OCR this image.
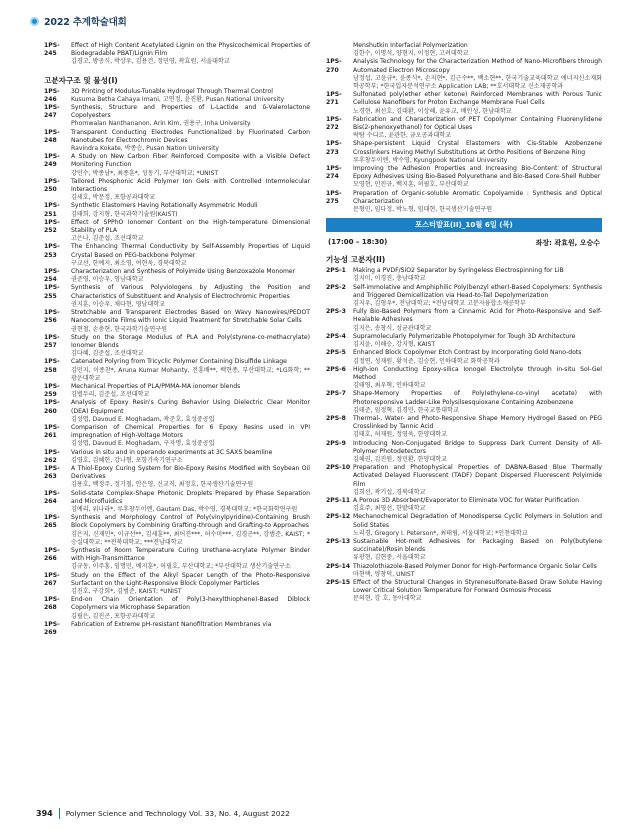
2022 추계학술대회
1PS-245
Effect of High Content Acetylated Lignin on the Physicochemical Properties of Biodegradable PBAT/Lignin Film
김경고, 방공식, 박상우, 김용건, 정민영, 곽효원, 서울대학교
고분자구조 및 물성(I)
1PS-246
3D Printing of Modulus-Tunable Hydrogel Through Thermal Control
Kusuma Betha Cahaya Imani, 고연정, 윤진환, Pusan National University
1PS-247
Synthesis, Structure and Properties of L-Lactide and δ-Valerolactone Copolyesters
Phornwalan Nanthananon, Arin Kim, 권용구, Inha University
1PS-248
Transparent Conducting Electrodes Functionalized by Fluorinated Carbon Nanotubes for Electrochromic Devices
Ravindra Kokate, 박종승, Pusan Nation University
1PS-249
A Study on New Carbon Fiber Reinforced Composite with a Visible Defect Monitoring Function
강민수, 박종남*, 최종훈*, 성동기, 부산대학교; *UNIST
1PS-250
Tailored Phosphonic Acid Polymer Ion Gels with Controlled Intermolecular Interactions
김세호, 박문정, 포항공과대학교
1PS-251
Synthetic Elastomers Having Rotationally Asymmetric Moduli
김태희, 강지형, 한국과학기술원(KAIST)
1PS-252
Effect of SPPhO Ionomer Content on the High-temperature Dimensional Stability of PLA
고은나, 김준섭, 조선대학교
1PS-253
The Enhancing Thermal Conductivity by Self-Assembly Properties of Liquid Crystal Based on PEG-backbone Polymer
구교선, 한예지, 최소영, 여현욱, 경북대학교
1PS-254
Characterization and Synthesis of Polyimide Using Benzoxazole Monomer
권준영, 이승우, 영남대학교
1PS-255
Synthesis of Various Polyviologens by Adjusting the Position and Characteristics of Substituent and Analysis of Electrochromic Properties
권지훈, 이승우, 채다현, 영남대학교
1PS-256
Stretchable and Transparent Electrodes Based on Wavy Nanowires/PEDOT Nanocomposite Films with Ionic Liquid Treatment for Stretchable Solar Cells
권현철, 손충현, 한국과학기술연구원
1PS-257
Study on the Storage Modulus of PLA and Poly(styrene-co-methacrylate) Ionomer Blends
김다혜, 김준섭, 조선대학교
1PS-258
Catenated Polyring from Tricyclic Polymer Containing Disulfide Linkage
김민지, 이종찬*, Aruna Kumar Mohanty, 전흥배**, 백현종, 부산대학교; *LG화학; **광운대학교
1PS-259
Mechanical Properties of PLA/PMMA-MA ionomer blends
김별두리, 김준섭, 조선대학교
1PS-260
Analysis of Epoxy Resin's Curing Behavior Using Dielectric Clear Monitor (DEA) Equipment
김성엽, Davoud E. Moghadam, 곽준호, 효성중공업
1PS-261
Comparison of Chemical Properties for 6 Epoxy Resins used in VPI impregnation of High-Voltage Motors
김성엽, Davoud E. Moghadam, 구자명, 효성중공업
1PS-262
Various in situ and in operando experiments at 3C SAXS beamline
김영호, 김혜헌, 강나형, 포항가속기연구소
1PS-263
A Thiol-Epoxy Curing System for Bio-Epoxy Resins Modified with Soybean Oil Derivatives
김용호, 백정주, 정기철, 안은영, 신교직, 최정호, 한국생산기술연구원
1PS-264
Solid-state Complex-Shape Photonic Droplets Prepared by Phase Separation and Microfluidics
김예리, 위나라*, 루후창두이엔, Gautam Das, 박수영, 경북대학교; *한국화학연구원
1PS-265
Synthesis and Morphology Control of Poly(vinylpyridine)-Containing Brush Block Copolymers by Combining Grafting-through and Grafting-to Approaches
김은지, 신재민*, 이규선**, 김세훈**, 최어진***, 허수미***, 김경곤**, 강범준, KAIST; *승실대학교; **전북대학교; ***전남대학교
1PS-266
Synthesis of Room Temperature Curing Urethane-acrylate Polymer Binder with High-Transmittance
김규동, 이주홍, 임명민, 배지훈*, 허필호, 부산대학교; *부산대학교 생산기술연구소
1PS-267
Study on the Effect of the Alkyl Spacer Length of the Photo-Responsive Surfactant on the Light-Responsive Block Copolymer Particles
김진호, 구강희*, 김범준, KAIST; *UNIST
1PS-268
End-on Chain Orientation of Poly(3-hexylthiophene)-Based Diblock Copolymers via Microphase Separation
김필은, 김진곤, 포항공과대학교
1PS-269
Fabrication of Extreme pH-resistant Nanofiltration Membranes via
Menshutkin Interfacial Polymerization
김한수, 이명석, 양현지, 이정현, 고려대학교
1PS-270
Analysis Technology for the Characterization Method of Nano-Microfibers through Automated Electron Microscopy
남정섭, 고윤규*, 윤종식*, 손지현*, 김근수**, 백소현**, 한국기술교육대학교 에너지신소재화학공학부; *한국입자분석연구소 Application LAB; **호서대학교 신소재공학과
1PS-271
Sulfonated poly(ether ether ketone) Reinforced Membranes with Porous Tunic Cellulose Nanofibers for Proton Exchange Membrane Fuel Cells
노경현, 최선호, 김대환, 이상혜, 윤유교, 배인성, 한남대학교
1PS-272
Fabrication and Characterization of PET Copolymer Containing Fluorenylidene Bis(2-phenoxyethanol) for Optical Uses
락탐 수디르, 윤관한, 금오공과대학교
1PS-273
Shape-persistent Liquid Crystal Elastomers with Cis-Stable Azobenzene Crosslinkers Having Methyl Substitutions at Ortho Positions of Benzene Ring
루후창두이엔, 박수영, Kyungpook National University
1PS-274
Improving the Adhesion Properties and Increasing Bio-Content of Structural Epoxy Adhesives Using Bio-Based Polyurethane and Bio-Based Core-Shell Rubber
모영현, 민진규, 백지훈, 허필호, 부산대학교
1PS-275
Preparation of Organic-soluble Aromatic Copolyamide : Synthesis and Optical Characterization
문형민, 임다정, 박노형, 임대현, 한국생산기술연구원
포스터발표(II)_10월 6일 (목)
(17:00 – 18:30)	좌장: 곽효원, 오승수
기능성 고분자(II)
2PS-1	Making a PVDF/SiO2 Separator by Syringeless Electrospinning for LiB
김지미, 이경진, 충남대학교
2PS-2	Self-immolative and Amphiphilic Poly(benzyl ether)-Based Copolymers: Synthesis and Triggered Demicellization via Head-to-Tail Depolymerization
김지우, 김형우*, 전남대학교; *전남대학교 고분자융합소재공학부
2PS-3	Fully Bio-Based Polymers from a Cinnamic Acid for Photo-Responsive and Self-Healable Adhesives
김지은, 송창식, 성균관대학교
2PS-4	Supramolecularly Polymerizable Photopolymer for Tough 3D Architecture
김지윤, 이해승, 강지형, KAIST
2PS-5	Enhanced Block Copolymer Etch Contrast by Incorporating Gold Nano-dots
김정연, 성재원, 황석준, 김승현, 인하대학교 화학공학과
2PS-6	High-ion Conducting Epoxy-silica Ionogel Electrolyte through in-situ Sol-Gel Method
김태영, 최우혁, 인하대학교
2PS-7	Shape-Memory Properties of Poly(ethylene-co-vinyl acetate) with Photoresponsive Ladder-Like Polysilsesquioxane Containing Azobenzene
김태준, 임정혁, 김경민, 한국교통대학교
2PS-8	Thermal-, Water- and Photo-Responsive Shape Memory Hydrogel Based on PEG Crosslinked by Tannic Acid
김태호, 허재원, 정영욱, 한양대학교
2PS-9	Introducing Non-Conjugated Bridge to Suppress Dark Current Density of All-Polymer Photodetectors
김해권, 김진원, 정민환, 한양대학교
2PS-10 Preparation and Photophysical Properties of DABNA-Based Blue Thermally Activated Delayed Fluorescent (TADF) Dopant Dispersed Fluorescent Polyimide Film
김희선, 곽기섭, 경북대학교
2PS-11 A Porous 3D Absorbent/Evaporator to Eliminate VOC for Water Purification
김효주, 최영선, 한밭대학교
2PS-12 Mechanochemical Degradation of Monodisperse Cyclic Polymers in Solution and Solid States
노리경, Gregory I. Peterson*, 최태림, 서울대학교; *인천대학교
2PS-13 Sustainable Hot-melt Adhesives for Packaging Based on Poly(butylene succinate)/Rosin blends
류광현, 김현중, 서울대학교
2PS-14 Thiazolothiazole-Based Polymer Donor for High-Performance Organic Solar Cells
마현택, 양창덕, UNIST
2PS-15 Effect of the Structural Changes in Styrenesulfonate-Based Draw Solute Having Lower Critical Solution Temperature for Forward Osmosis Process
문의현, 강 호, 동아대학교
394 Polymer Science and Technology Vol. 33, No. 4, August 2022
